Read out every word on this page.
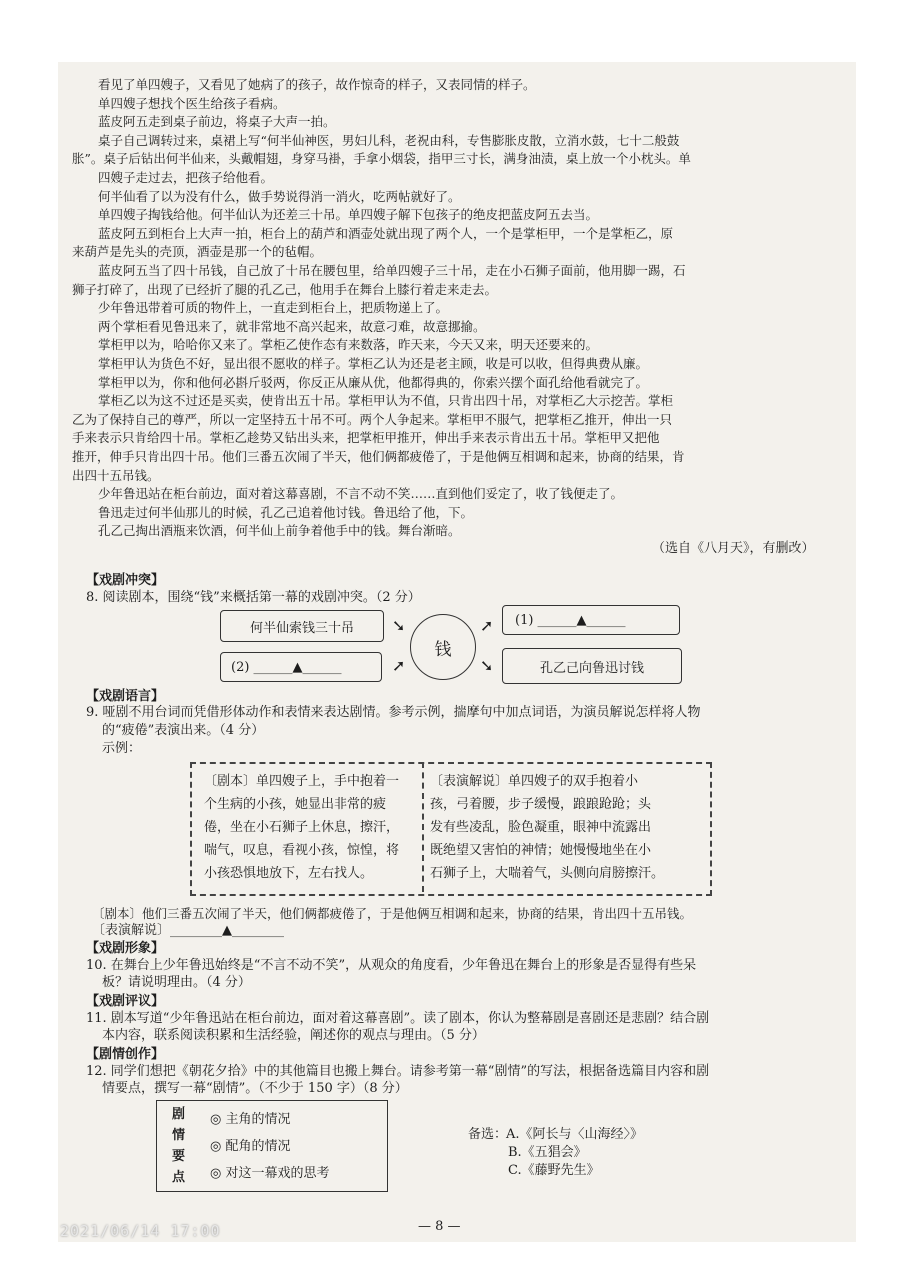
看见了单四嫂子，又看见了她病了的孩子，故作惊奇的样子，又表同情的样子。
单四嫂子想找个医生给孩子看病。
蓝皮阿五走到桌子前边，将桌子大声一拍。
桌子自己调转过来，桌裙上写“何半仙神医，男妇儿科，老祝由科，专售膨胀皮散，立消水鼓，七十二般鼓
胀”。桌子后钻出何半仙来，头戴帽翅，身穿马褂，手拿小烟袋，指甲三寸长，满身油渍，桌上放一个小枕头。单
四嫂子走过去，把孩子给他看。
何半仙看了以为没有什么，做手势说得消一消火，吃两帖就好了。
单四嫂子掏钱给他。何半仙认为还差三十吊。单四嫂子解下包孩子的绝皮把蓝皮阿五去当。
蓝皮阿五到柜台上大声一拍，柜台上的葫芦和酒壶处就出现了两个人，一个是掌柜甲，一个是掌柜乙，原
来葫芦是先头的壳顶，酒壶是那一个的毡帽。
蓝皮阿五当了四十吊钱，自己放了十吊在腰包里，给单四嫂子三十吊，走在小石狮子面前，他用脚一踢，石
狮子打碎了，出现了已经折了腿的孔乙己，他用手在舞台上膝行着走来走去。
少年鲁迅带着可质的物件上，一直走到柜台上，把质物递上了。
两个掌柜看见鲁迅来了，就非常地不高兴起来，故意刁难，故意挪揄。
掌柜甲以为，哈哈你又来了。掌柜乙使作态有来数落，昨天来，今天又来，明天还要来的。
掌柜甲认为货色不好，显出很不愿收的样子。掌柜乙认为还是老主顾，收是可以收，但得典费从廉。
掌柜甲以为，你和他何必斟斤驳两，你反正从廉从优，他都得典的，你索兴摆个面孔给他看就完了。
掌柜乙以为这不过还是买卖，使肯出五十吊。掌柜甲认为不值，只肯出四十吊，对掌柜乙大示挖苦。掌柜
乙为了保持自己的尊严，所以一定坚持五十吊不可。两个人争起来。掌柜甲不服气，把掌柜乙推开，伸出一只
手来表示只肯给四十吊。掌柜乙趁势又钻出头来，把掌柜甲推开，伸出手来表示肯出五十吊。掌柜甲又把他
推开，伸手只肯出四十吊。他们三番五次闹了半天，他们俩都疲倦了，于是他俩互相调和起来，协商的结果，肯
出四十五吊钱。
少年鲁迅站在柜台前边，面对着这幕喜剧，不言不动不笑……直到他们妥定了，收了钱便走了。
鲁迅走过何半仙那儿的时候，孔乙己追着他讨钱。鲁迅给了他，下。
孔乙己掏出酒瓶来饮酒，何半仙上前争着他手中的钱。舞台渐暗。
（选自《八月天》，有删改）
【戏剧冲突】
8. 阅读剧本，围绕“钱”来概括第一幕的戏剧冲突。（2 分）
何半仙索钱三十吊
(1) ______▲______
(2) ______▲______	孔乙己向鲁迅讨钱
钱
➘	➚
➚	➘
【戏剧语言】
9. 哑剧不用台词而凭借形体动作和表情来表达剧情。参考示例，揣摩句中加点词语，为演员解说怎样将人物
的“疲倦”表演出来。（4 分）
示例：
〔剧本〕单四嫂子上，手中抱着一
个生病的小孩，她显出非常的疲
倦，坐在小石狮子上休息，擦汗，
喘气，叹息，看视小孩，惊惶，将
小孩恐惧地放下，左右找人。
〔表演解说〕单四嫂子的双手抱着小
孩，弓着腰，步子缓慢，踉踉跄跄；头
发有些凌乱，脸色凝重，眼神中流露出
既绝望又害怕的神情；她慢慢地坐在小
石狮子上，大喘着气，头侧向肩膀擦汗。
〔剧本〕他们三番五次闹了半天，他们俩都疲倦了，于是他俩互相调和起来，协商的结果，肯出四十五吊钱。
〔表演解说〕________▲________
【戏剧形象】
10. 在舞台上少年鲁迅始终是“不言不动不笑”，从观众的角度看，少年鲁迅在舞台上的形象是否显得有些呆
板？请说明理由。（4 分）
【戏剧评议】
11. 剧本写道“少年鲁迅站在柜台前边，面对着这幕喜剧”。读了剧本，你认为整幕剧是喜剧还是悲剧？结合剧
本内容，联系阅读积累和生活经验，阐述你的观点与理由。（5 分）
【剧情创作】
12. 同学们想把《朝花夕拾》中的其他篇目也搬上舞台。请参考第一幕“剧情”的写法，根据备选篇目内容和剧
情要点，撰写一幕“剧情”。（不少于 150 字）（8 分）
剧
情
要
点
◎ 主角的情况
◎ 配角的情况
◎ 对这一幕戏的思考
备选：
A.《阿长与〈山海经〉》
B.《五猖会》
C.《藤野先生》
— 8 —
2021/06/14 17:00
